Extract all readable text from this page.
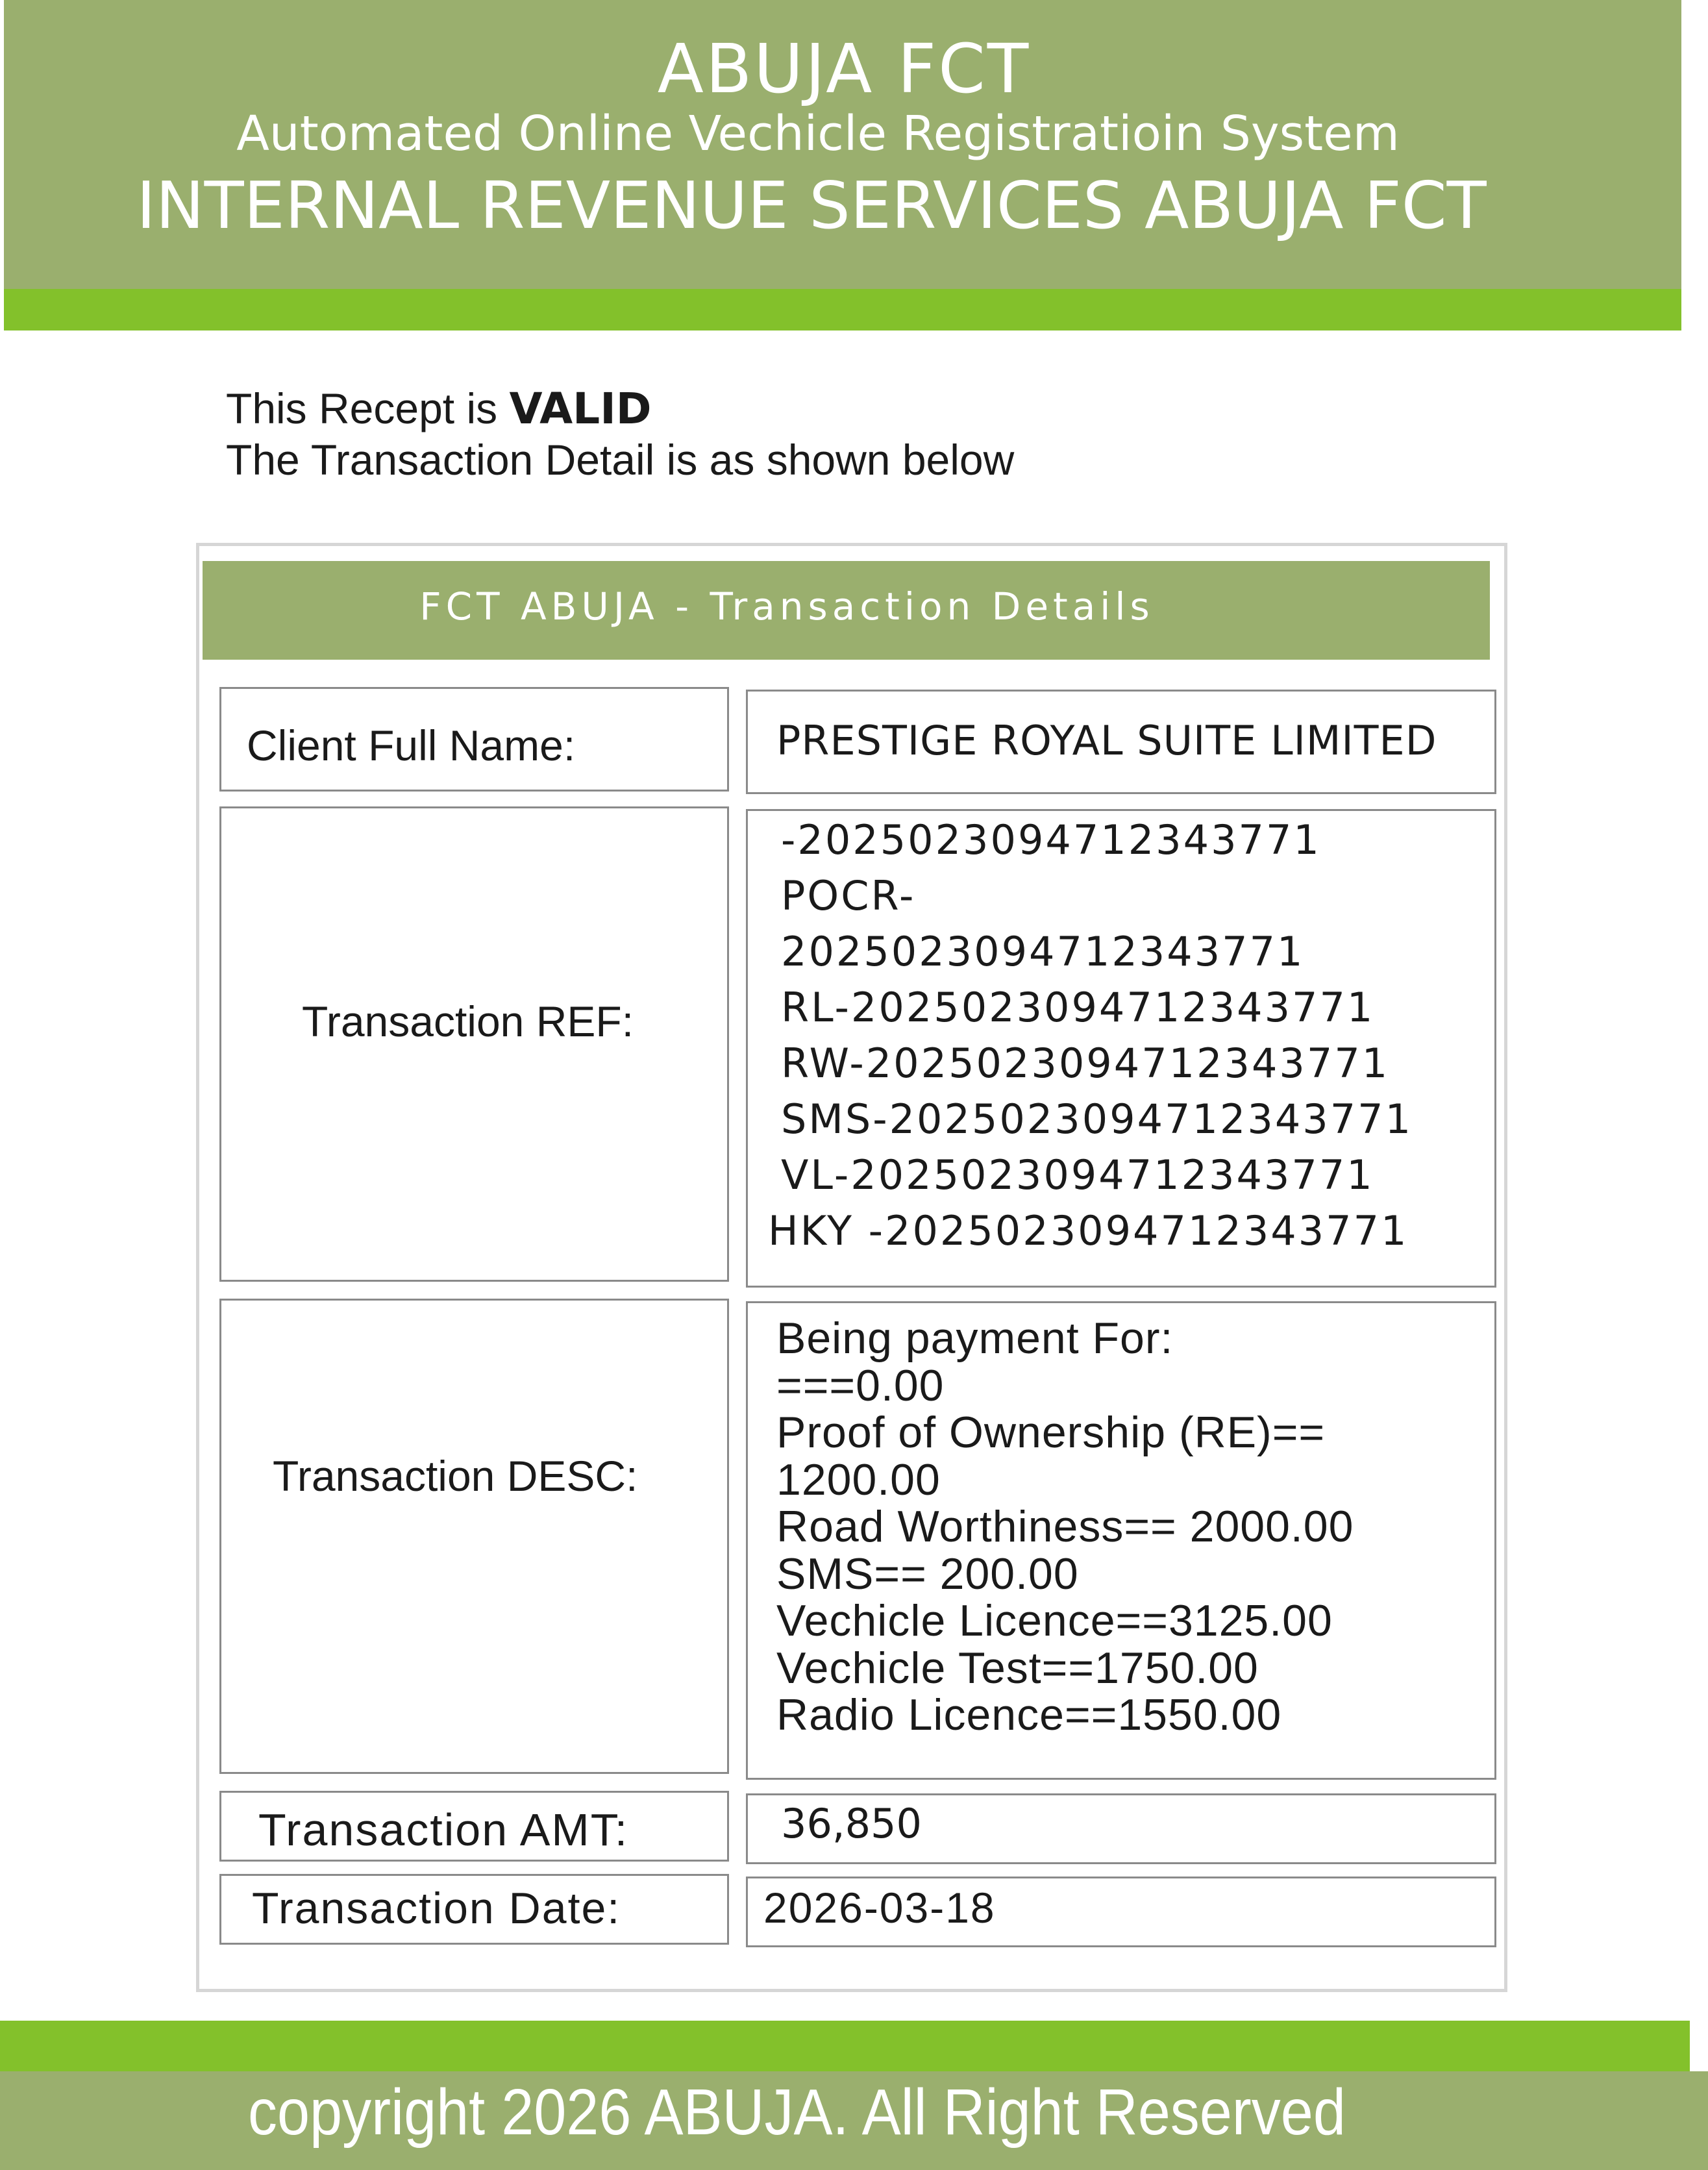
ABUJA FCT
Automated Online Vechicle Registratioin System
INTERNAL REVENUE SERVICES ABUJA FCT
This Recept is VALID
The Transaction Detail is as shown below
FCT ABUJA - Transaction Details
Client Full Name:	PRESTIGE ROYAL SUITE LIMITED
Transaction REF:
-2025023094712343771
POCR-
2025023094712343771
RL-2025023094712343771
RW-2025023094712343771
SMS-2025023094712343771
VL-2025023094712343771
HKY -2025023094712343771
Transaction DESC:
Being payment For:
===0.00
Proof of Ownership (RE)==
1200.00
Road Worthiness== 2000.00
SMS== 200.00
Vechicle Licence==3125.00
Vechicle Test==1750.00
Radio Licence==1550.00
Transaction AMT:	36,850
Transaction Date:	2026-03-18
copyright 2026 ABUJA. All Right Reserved
